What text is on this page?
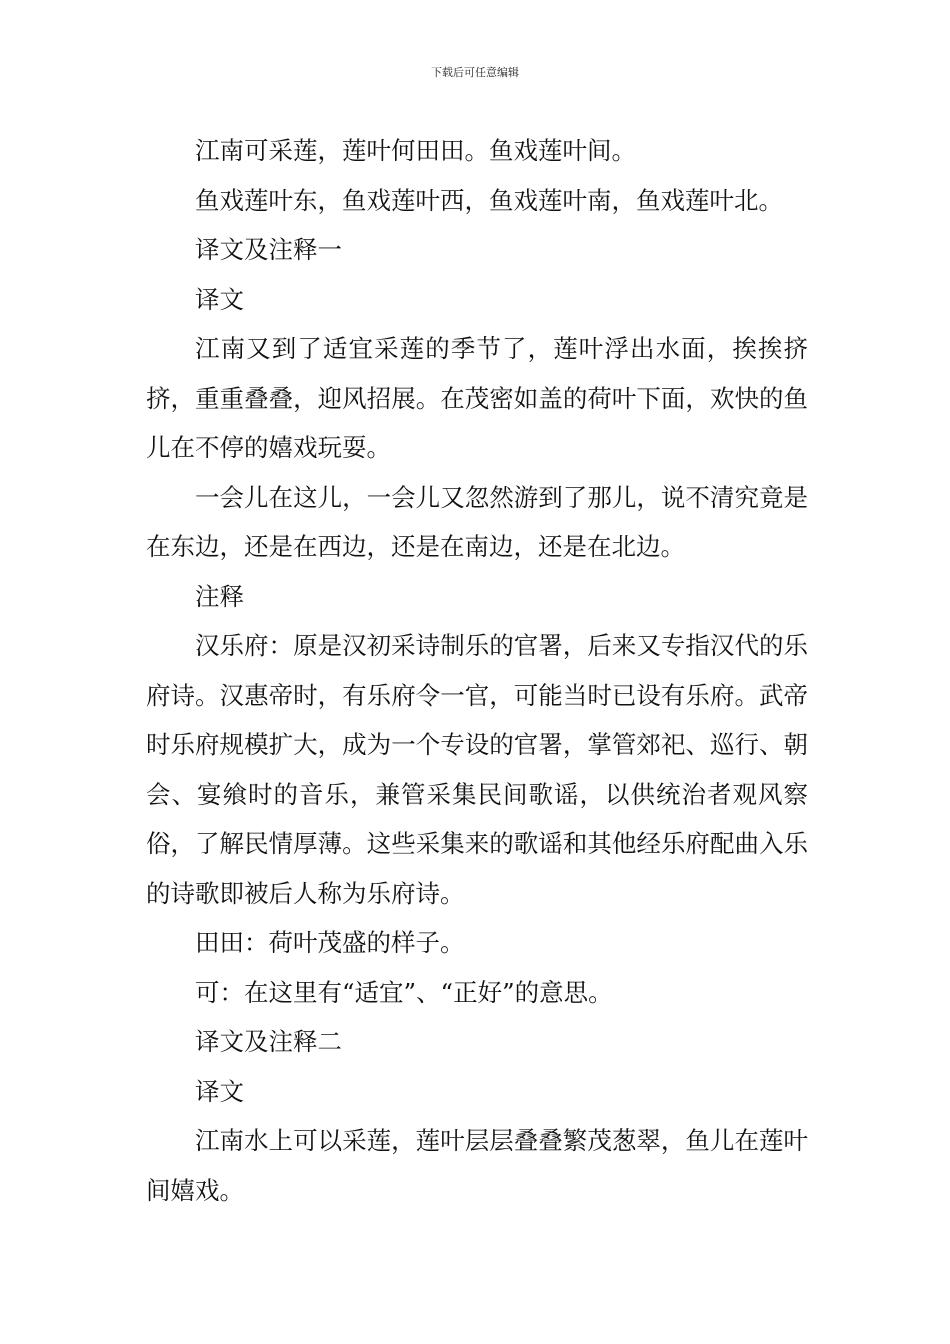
下载后可任意编辑

江南可采莲，莲叶何田田。鱼戏莲叶间。

鱼戏莲叶东，鱼戏莲叶西，鱼戏莲叶南，鱼戏莲叶北。

译文及注释一

译文

江南又到了适宜采莲的季节了，莲叶浮出水面，挨挨挤挤，重重叠叠，迎风招展。在茂密如盖的荷叶下面，欢快的鱼儿在不停的嬉戏玩耍。

一会儿在这儿，一会儿又忽然游到了那儿，说不清究竟是在东边，还是在西边，还是在南边，还是在北边。

注释

汉乐府：原是汉初采诗制乐的官署，后来又专指汉代的乐府诗。汉惠帝时，有乐府令一官，可能当时已设有乐府。武帝时乐府规模扩大，成为一个专设的官署，掌管郊祀、巡行、朝会、宴飨时的音乐，兼管采集民间歌谣，以供统治者观风察俗，了解民情厚薄。这些采集来的歌谣和其他经乐府配曲入乐的诗歌即被后人称为乐府诗。

田田：荷叶茂盛的样子。

可：在这里有“适宜”、“正好”的意思。

译文及注释二

译文

江南水上可以采莲，莲叶层层叠叠繁茂葱翠，鱼儿在莲叶间嬉戏。
